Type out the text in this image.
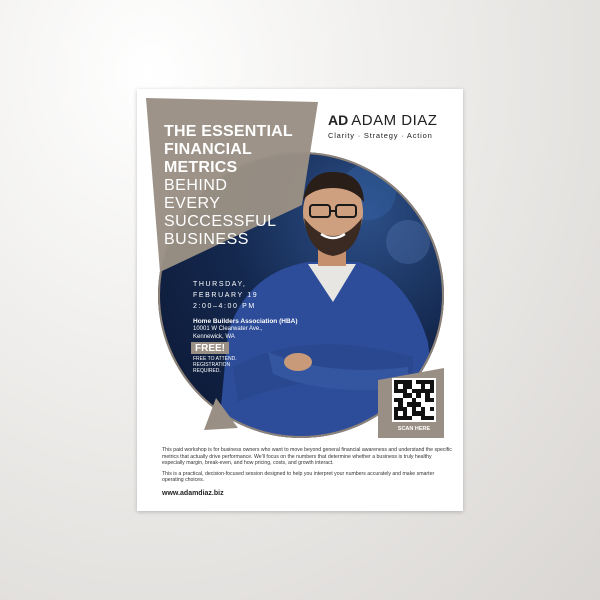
AD ADAM DIAZ
Clarity · Strategy · Action
THE ESSENTIAL
FINANCIAL
METRICS
BEHIND
EVERY
SUCCESSFUL
BUSINESS
THURSDAY,
FEBRUARY 19
2:00–4:00 PM
Home Builders Association (HBA)
10001 W Clearwater Ave.,
Kennewick, WA
FREE!
FREE TO ATTEND. REGISTRATION REQUIRED.
SCAN HERE

This paid workshop is for business owners who want to move beyond general financial awareness and understand the specific metrics that actually drive performance. We'll focus on the numbers that determine whether a business is truly healthy especially margin, break-even, and how pricing, costs, and growth interact.

This is a practical, decision-focused session designed to help you interpret your numbers accurately and make smarter operating choices.

www.adamdiaz.biz
